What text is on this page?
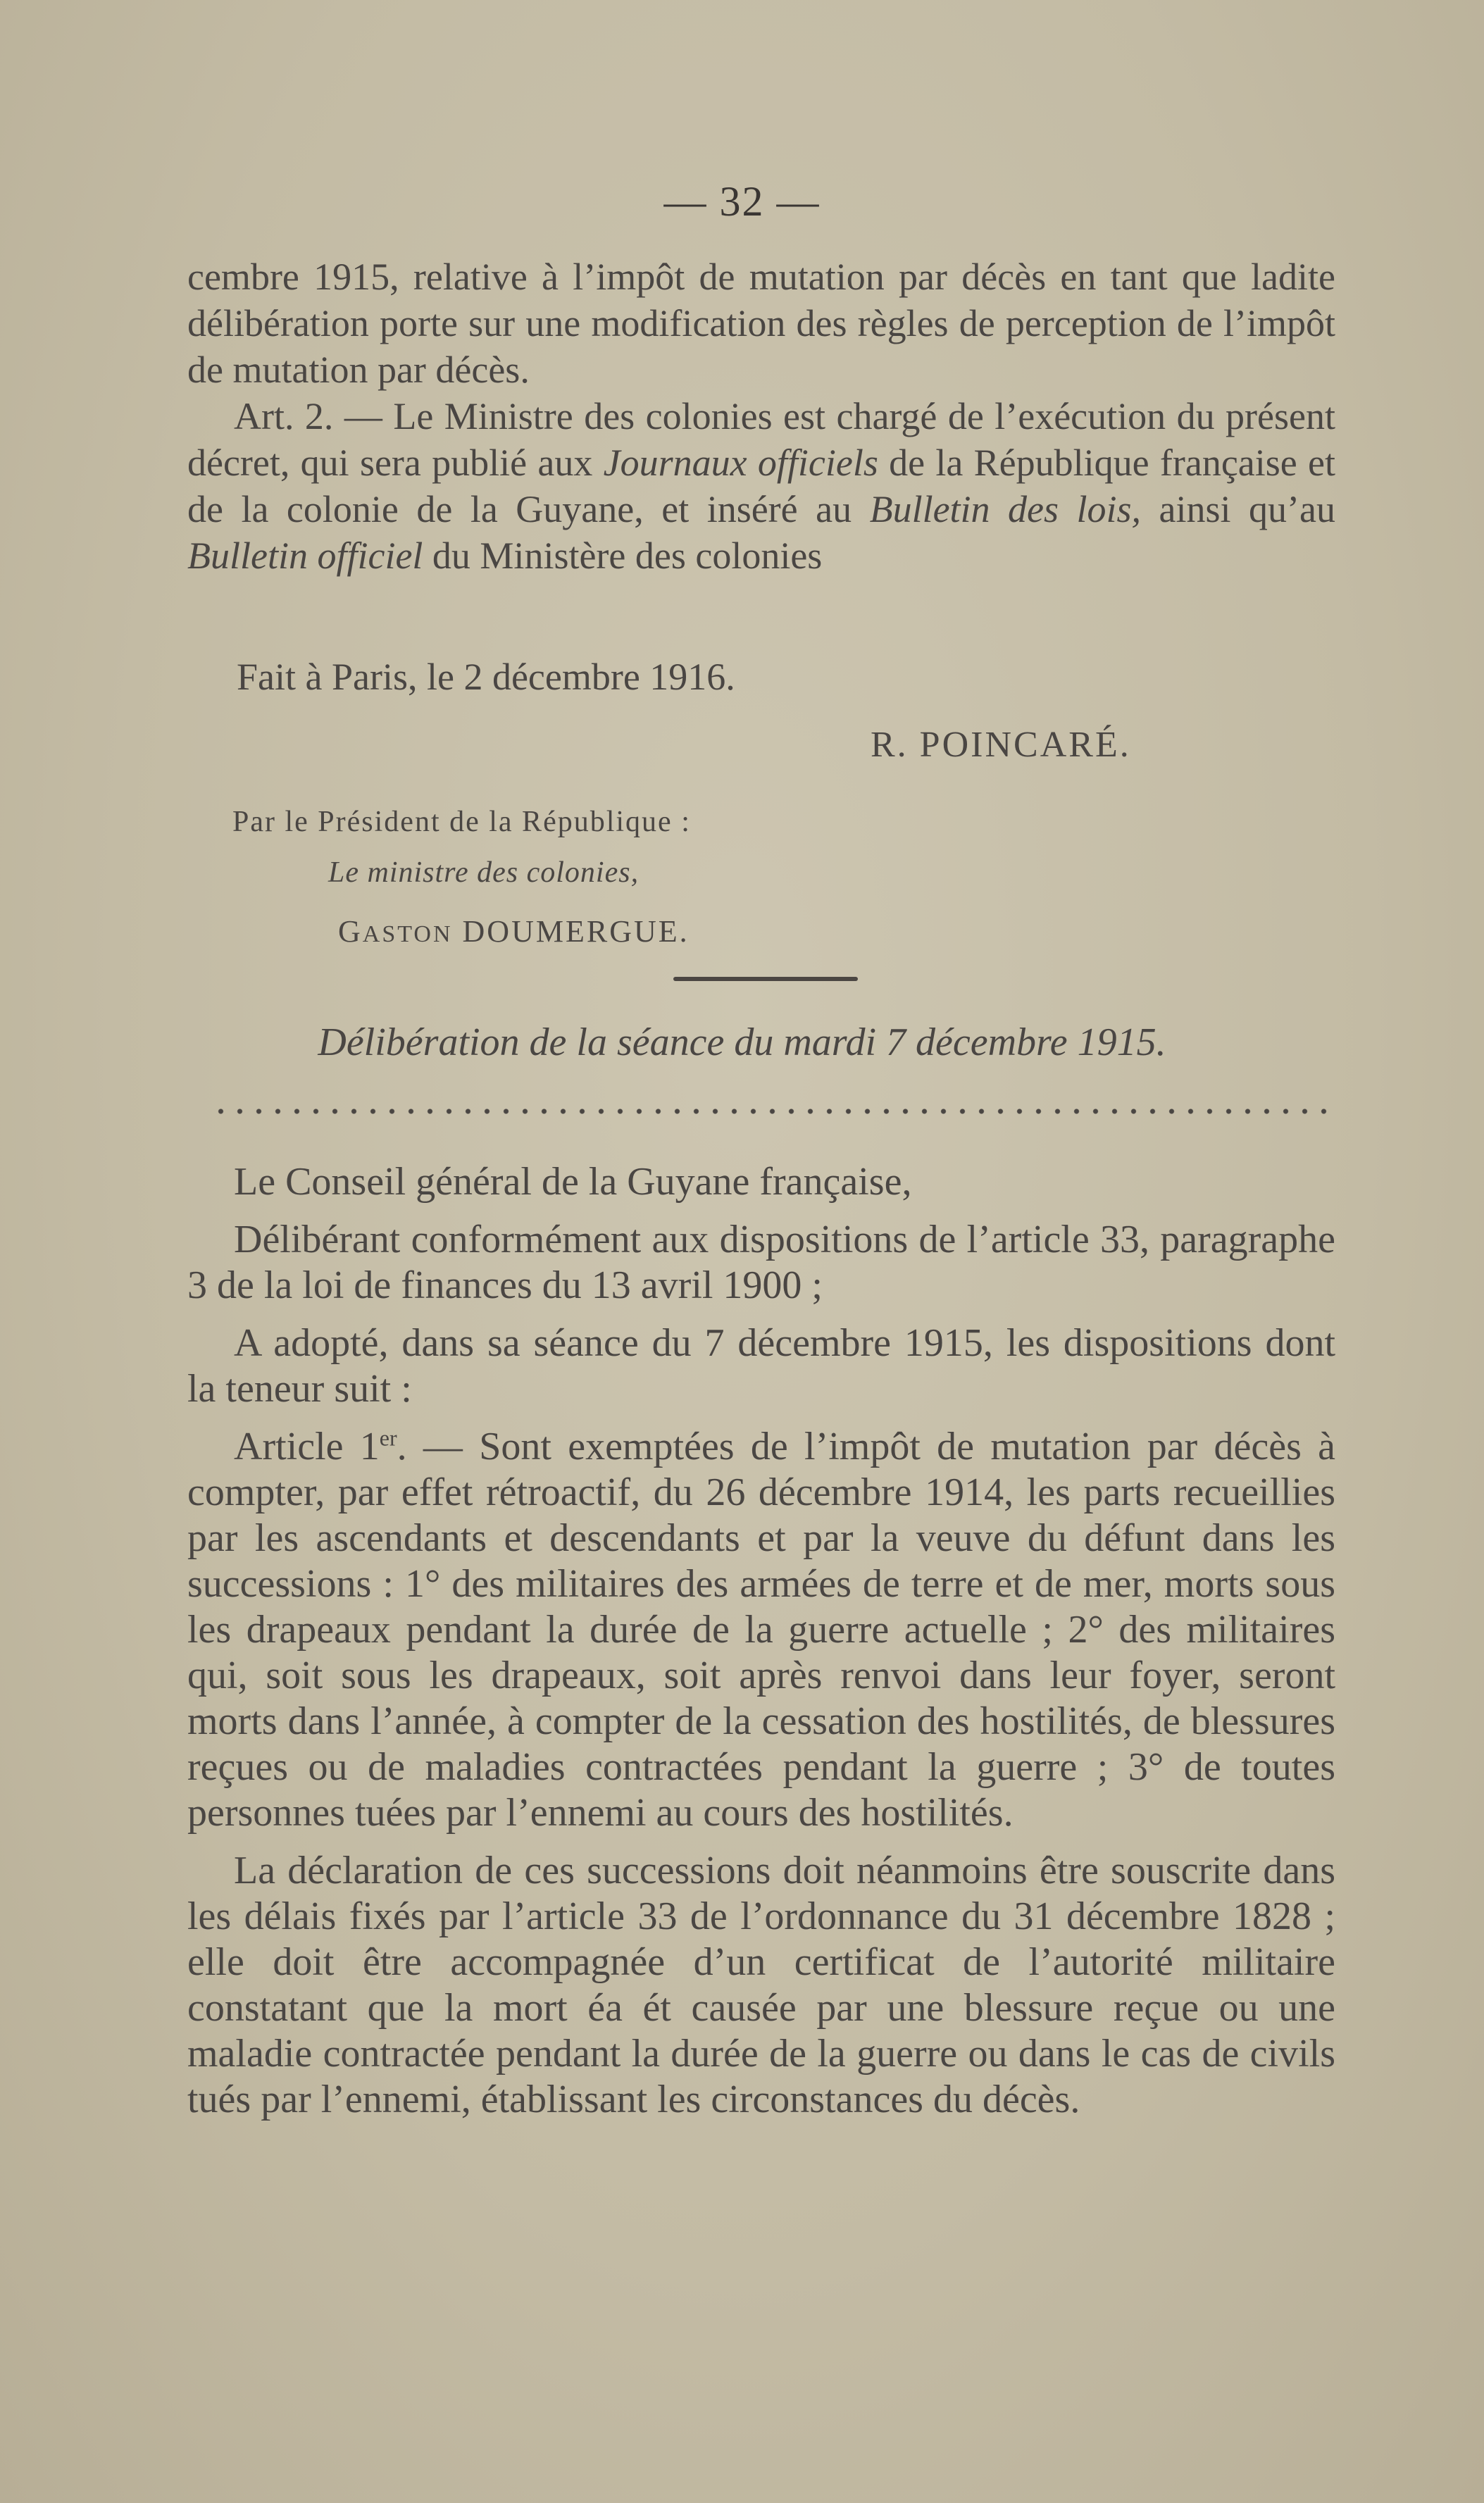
— 32 —

cembre 1915, relative à l’impôt de mutation par décès en tant que ladite délibération porte sur une modification des règles de perception de l’impôt de mutation par décès.

Art. 2. — Le Ministre des colonies est chargé de l’exécution du présent décret, qui sera publié aux Journaux officiels de la République française et de la colonie de la Guyane, et inséré au Bulletin des lois, ainsi qu’au Bulletin officiel du Ministère des colonies

Fait à Paris, le 2 décembre 1916.
R. POINCARÉ.
Par le Président de la République :
Le ministre des colonies,
GASTON DOUMERGUE.
Délibération de la séance du mardi 7 décembre 1915.
Le Conseil général de la Guyane française,

Délibérant conformément aux dispositions de l’article 33, paragraphe 3 de la loi de finances du 13 avril 1900 ;

A adopté, dans sa séance du 7 décembre 1915, les dispositions dont la teneur suit :

Article 1er. — Sont exemptées de l’impôt de mutation par décès à compter, par effet rétroactif, du 26 décembre 1914, les parts recueillies par les ascendants et descendants et par la veuve du défunt dans les successions : 1° des militaires des armées de terre et de mer, morts sous les drapeaux pendant la durée de la guerre actuelle ; 2° des militaires qui, soit sous les drapeaux, soit après renvoi dans leur foyer, seront morts dans l’année, à compter de la cessation des hostilités, de blessures reçues ou de maladies contractées pendant la guerre ; 3° de toutes personnes tuées par l’ennemi au cours des hostilités.

La déclaration de ces successions doit néanmoins être souscrite dans les délais fixés par l’article 33 de l’ordonnance du 31 décembre 1828 ; elle doit être accompagnée d’un certificat de l’autorité militaire constatant que la mort éa ét causée par une blessure reçue ou une maladie contractée pendant la durée de la guerre ou dans le cas de civils tués par l’ennemi, établissant les circonstances du décès.
